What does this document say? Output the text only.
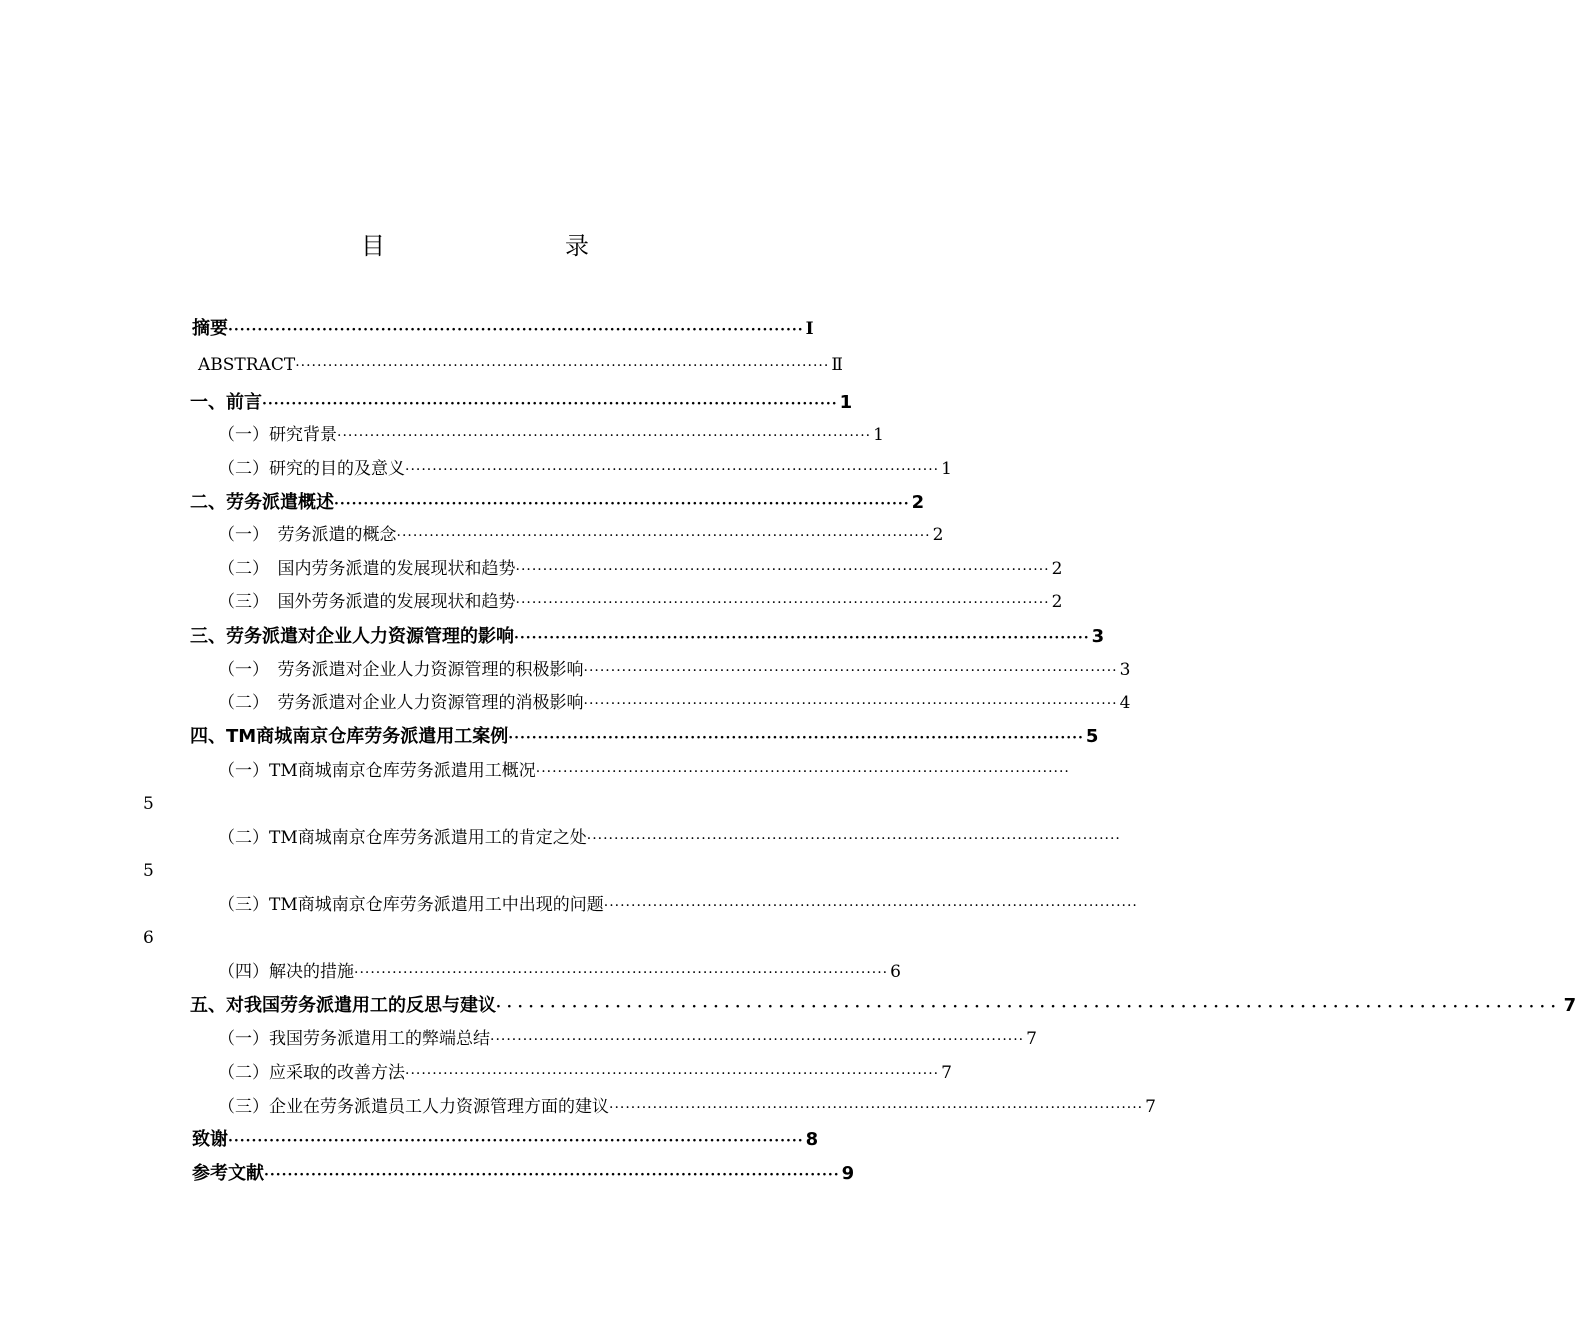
目　　录
摘要 ·································································································· Ⅰ
ABSTRACT ·································································································· Ⅱ
一、前言 ·································································································· 1
（一）研究背景 ·································································································· 1
（二）研究的目的及意义 ·································································································· 1
二、劳务派遣概述 ·································································································· 2
（一）　劳务派遣的概念 ·································································································· 2
（二）　国内劳务派遣的发展现状和趋势 ·································································································· 2
（三）　国外劳务派遣的发展现状和趋势 ·································································································· 2
三、劳务派遣对企业人力资源管理的影响 ·································································································· 3
（一）　劳务派遣对企业人力资源管理的积极影响 ·································································································· 3
（二）　劳务派遣对企业人力资源管理的消极影响 ·································································································· 4
四、TM商城南京仓库劳务派遣用工案例 ·································································································· 5
（一）TM商城南京仓库劳务派遣用工概况 ··································································································
5
（二）TM商城南京仓库劳务派遣用工的肯定之处 ··································································································
5
（三）TM商城南京仓库劳务派遣用工中出现的问题 ··································································································
6
（四）解决的措施 ·································································································· 6
五、对我国劳务派遣用工的反思与建议 ·································································································· 7
（一）我国劳务派遣用工的弊端总结 ·································································································· 7
（二）应采取的改善方法 ·································································································· 7
（三）企业在劳务派遣员工人力资源管理方面的建议 ·································································································· 7
致谢 ·································································································· 8
参考文献 ·································································································· 9
